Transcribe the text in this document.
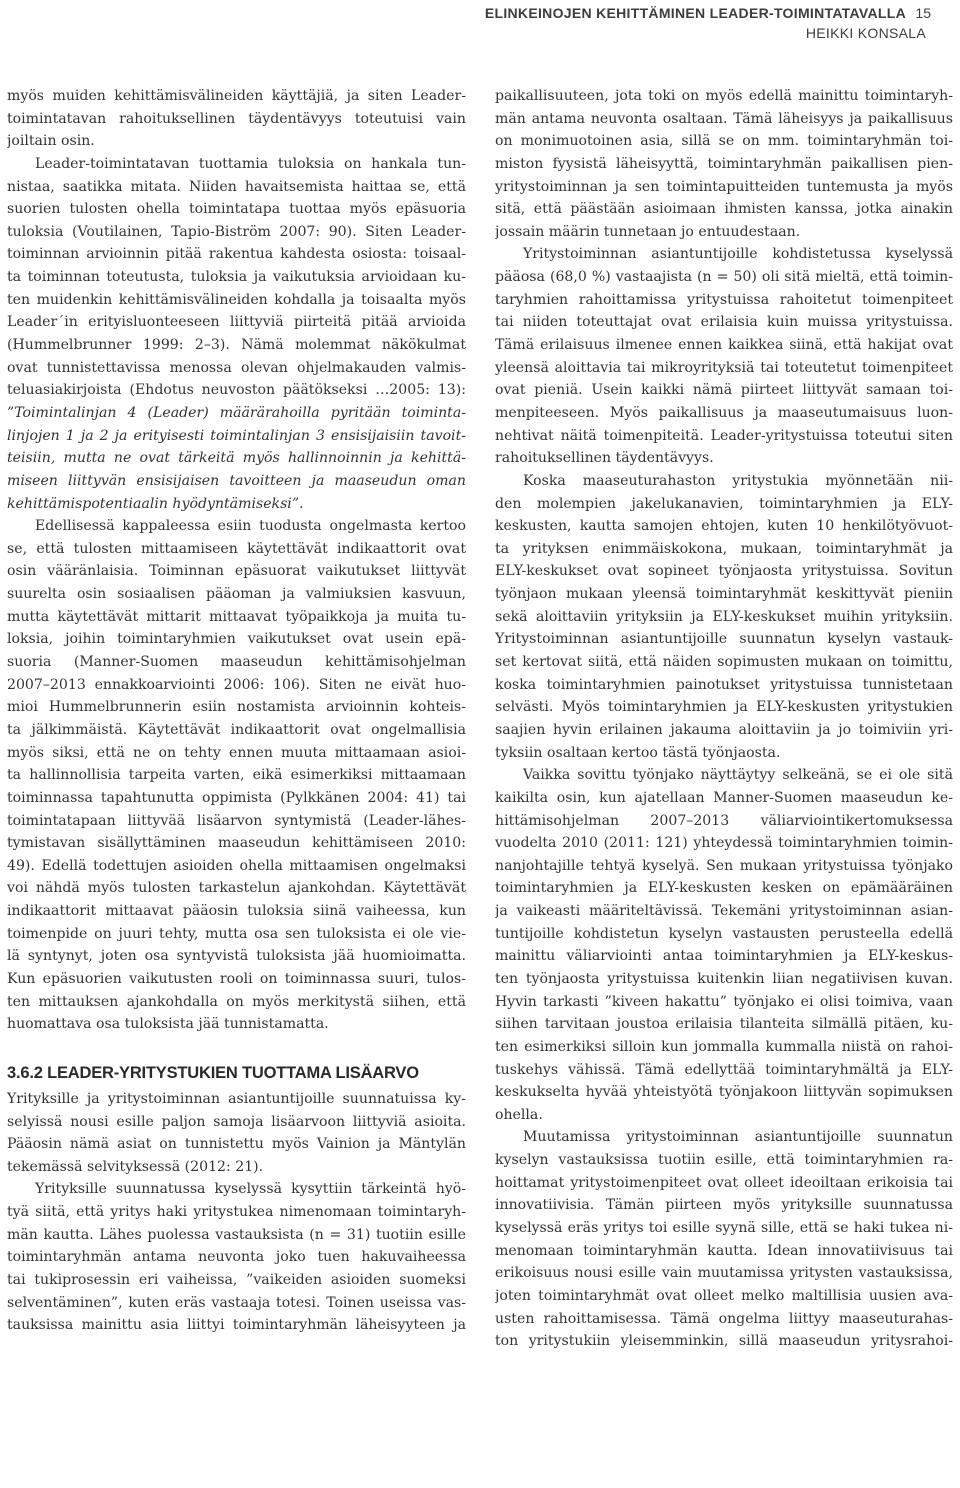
ELINKEINOJEN KEHITTÄMINEN LEADER-TOIMINTATAVALLA 15
HEIKKI KONSALA
myös muiden kehittämisvälineiden käyttäjiä, ja siten Leader-
toimintatavan rahoituksellinen täydentävyys toteutuisi vain
joiltain osin.
Leader-toimintatavan tuottamia tuloksia on hankala tun-
nistaa, saatikka mitata. Niiden havaitsemista haittaa se, että
suorien tulosten ohella toimintatapa tuottaa myös epäsuoria
tuloksia (Voutilainen, Tapio-Biström 2007: 90). Siten Leader-
toiminnan arvioinnin pitää rakentua kahdesta osiosta: toisaal-
ta toiminnan toteutusta, tuloksia ja vaikutuksia arvioidaan ku-
ten muidenkin kehittämisvälineiden kohdalla ja toisaalta myös
Leader´in erityisluonteeseen liittyviä piirteitä pitää arvioida
(Hummelbrunner 1999: 2–3). Nämä molemmat näkökulmat
ovat tunnistettavissa menossa olevan ohjelmakauden valmis-
teluasiakirjoista (Ehdotus neuvoston päätökseksi …2005: 13):
”Toimintalinjan 4 (Leader) määrärahoilla pyritään toiminta-
linjojen 1 ja 2 ja erityisesti toimintalinjan 3 ensisijaisiin tavoit-
teisiin, mutta ne ovat tärkeitä myös hallinnoinnin ja kehittä-
miseen liittyvän ensisijaisen tavoitteen ja maaseudun oman
kehittämispotentiaalin hyödyntämiseksi”.
Edellisessä kappaleessa esiin tuodusta ongelmasta kertoo
se, että tulosten mittaamiseen käytettävät indikaattorit ovat
osin vääränlaisia. Toiminnan epäsuorat vaikutukset liittyvät
suurelta osin sosiaalisen pääoman ja valmiuksien kasvuun,
mutta käytettävät mittarit mittaavat työpaikkoja ja muita tu-
loksia, joihin toimintaryhmien vaikutukset ovat usein epä-
suoria (Manner-Suomen maaseudun kehittämisohjelman
2007–2013 ennakkoarviointi 2006: 106). Siten ne eivät huo-
mioi Hummelbrunnerin esiin nostamista arvioinnin kohteis-
ta jälkimmäistä. Käytettävät indikaattorit ovat ongelmallisia
myös siksi, että ne on tehty ennen muuta mittaamaan asioi-
ta hallinnollisia tarpeita varten, eikä esimerkiksi mittaamaan
toiminnassa tapahtunutta oppimista (Pylkkänen 2004: 41) tai
toimintatapaan liittyvää lisäarvon syntymistä (Leader-lähes-
tymistavan sisällyttäminen maaseudun kehittämiseen 2010:
49). Edellä todettujen asioiden ohella mittaamisen ongelmaksi
voi nähdä myös tulosten tarkastelun ajankohdan. Käytettävät
indikaattorit mittaavat pääosin tuloksia siinä vaiheessa, kun
toimenpide on juuri tehty, mutta osa sen tuloksista ei ole vie-
lä syntynyt, joten osa syntyvistä tuloksista jää huomioimatta.
Kun epäsuorien vaikutusten rooli on toiminnassa suuri, tulos-
ten mittauksen ajankohdalla on myös merkitystä siihen, että
huomattava osa tuloksista jää tunnistamatta.
3.6.2 LEADER-YRITYSTUKIEN TUOTTAMA LISÄARVO
Yrityksille ja yritystoiminnan asiantuntijoille suunnatuissa ky-
selyissä nousi esille paljon samoja lisäarvoon liittyviä asioita.
Pääosin nämä asiat on tunnistettu myös Vainion ja Mäntylän
tekemässä selvityksessä (2012: 21).
Yrityksille suunnatussa kyselyssä kysyttiin tärkeintä hyö-
tyä siitä, että yritys haki yritystukea nimenomaan toimintaryh-
män kautta. Lähes puolessa vastauksista (n = 31) tuotiin esille
toimintaryhmän antama neuvonta joko tuen hakuvaiheessa
tai tukiprosessin eri vaiheissa, ”vaikeiden asioiden suomeksi
selventäminen”, kuten eräs vastaaja totesi. Toinen useissa vas-
tauksissa mainittu asia liittyi toimintaryhmän läheisyyteen ja
paikallisuuteen, jota toki on myös edellä mainittu toimintaryh-
män antama neuvonta osaltaan. Tämä läheisyys ja paikallisuus
on monimuotoinen asia, sillä se on mm. toimintaryhmän toi-
miston fyysistä läheisyyttä, toimintaryhmän paikallisen pien-
yritystoiminnan ja sen toimintapuitteiden tuntemusta ja myös
sitä, että päästään asioimaan ihmisten kanssa, jotka ainakin
jossain määrin tunnetaan jo entuudestaan.
Yritystoiminnan asiantuntijoille kohdistetussa kyselyssä
pääosa (68,0 %) vastaajista (n = 50) oli sitä mieltä, että toimin-
taryhmien rahoittamissa yritystuissa rahoitetut toimenpiteet
tai niiden toteuttajat ovat erilaisia kuin muissa yritystuissa.
Tämä erilaisuus ilmenee ennen kaikkea siinä, että hakijat ovat
yleensä aloittavia tai mikroyrityksiä tai toteutetut toimenpiteet
ovat pieniä. Usein kaikki nämä piirteet liittyvät samaan toi-
menpiteeseen. Myös paikallisuus ja maaseutumaisuus luon-
nehtivat näitä toimenpiteitä. Leader-yritystuissa toteutui siten
rahoituksellinen täydentävyys.
Koska maaseuturahaston yritystukia myönnetään nii-
den molempien jakelukanavien, toimintaryhmien ja ELY-
keskusten, kautta samojen ehtojen, kuten 10 henkilötyövuot-
ta yrityksen enimmäiskokona, mukaan, toimintaryhmät ja
ELY-keskukset ovat sopineet työnjaosta yritystuissa. Sovitun
työnjaon mukaan yleensä toimintaryhmät keskittyvät pieniin
sekä aloittaviin yrityksiin ja ELY-keskukset muihin yrityksiin.
Yritystoiminnan asiantuntijoille suunnatun kyselyn vastauk-
set kertovat siitä, että näiden sopimusten mukaan on toimittu,
koska toimintaryhmien painotukset yritystuissa tunnistetaan
selvästi. Myös toimintaryhmien ja ELY-keskusten yritystukien
saajien hyvin erilainen jakauma aloittaviin ja jo toimiviin yri-
tyksiin osaltaan kertoo tästä työnjaosta.
Vaikka sovittu työnjako näyttäytyy selkeänä, se ei ole sitä
kaikilta osin, kun ajatellaan Manner-Suomen maaseudun ke-
hittämisohjelman 2007–2013 väliarviointikertomuksessa
vuodelta 2010 (2011: 121) yhteydessä toimintaryhmien toimin-
nanjohtajille tehtyä kyselyä. Sen mukaan yritystuissa työnjako
toimintaryhmien ja ELY-keskusten kesken on epämääräinen
ja vaikeasti määriteltävissä. Tekemäni yritystoiminnan asian-
tuntijoille kohdistetun kyselyn vastausten perusteella edellä
mainittu väliarviointi antaa toimintaryhmien ja ELY-keskus-
ten työnjaosta yritystuissa kuitenkin liian negatiivisen kuvan.
Hyvin tarkasti ”kiveen hakattu” työnjako ei olisi toimiva, vaan
siihen tarvitaan joustoa erilaisia tilanteita silmällä pitäen, ku-
ten esimerkiksi silloin kun jommalla kummalla niistä on rahoi-
tuskehys vähissä. Tämä edellyttää toimintaryhmältä ja ELY-
keskukselta hyvää yhteistyötä työnjakoon liittyvän sopimuksen
ohella.
Muutamissa yritystoiminnan asiantuntijoille suunnatun
kyselyn vastauksissa tuotiin esille, että toimintaryhmien ra-
hoittamat yritystoimenpiteet ovat olleet ideoiltaan erikoisia tai
innovatiivisia. Tämän piirteen myös yrityksille suunnatussa
kyselyssä eräs yritys toi esille syynä sille, että se haki tukea ni-
menomaan toimintaryhmän kautta. Idean innovatiivisuus tai
erikoisuus nousi esille vain muutamissa yritysten vastauksissa,
joten toimintaryhmät ovat olleet melko maltillisia uusien ava-
usten rahoittamisessa. Tämä ongelma liittyy maaseuturahas-
ton yritystukiin yleisemminkin, sillä maaseudun yritysrahoi-
